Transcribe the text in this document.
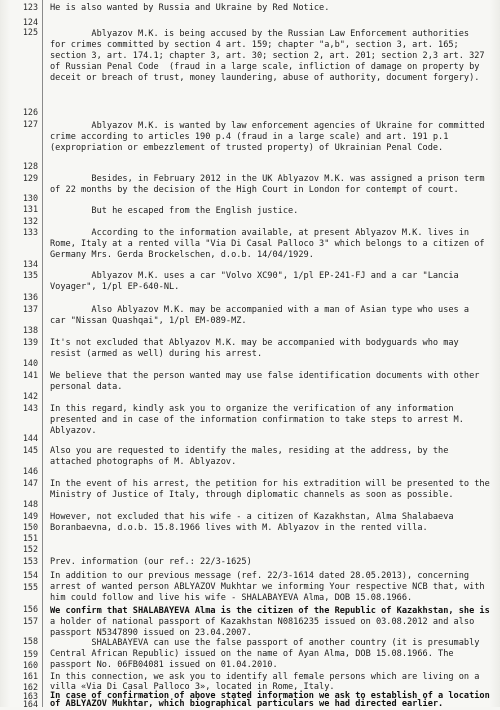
123
124
125
126
127
128
129
130
131
132
133
134
135
136
137
138
139
140
141
142
143
144
145
146
147
148
149
150
151
152
153
154
155
156
157
158
159
160
161
162
163
164
He is also wanted by Russia and Ukraine by Red Notice.
Ablyazov M.K. is being accused by the Russian Law Enforcement authorities
for crimes committed by section 4 art. 159; chapter "a,b", section 3, art. 165;
section 3, art. 174.1; chapter 3, art. 30; section 2, art. 201; section 2,3 art. 327
of Russian Penal Code  (fraud in a large scale, infliction of damage on property by
deceit or breach of trust, money laundering, abuse of authority, document forgery).
Ablyazov M.K. is wanted by law enforcement agencies of Ukraine for committed
crime according to articles 190 p.4 (fraud in a large scale) and art. 191 p.1
(expropriation or embezzlement of trusted property) of Ukrainian Penal Code.
Besides, in February 2012 in the UK Ablyazov M.K. was assigned a prison term
of 22 months by the decision of the High Court in London for contempt of court.
But he escaped from the English justice.
According to the information available, at present Ablyazov M.K. lives in
Rome, Italy at a rented villa "Via Di Casal Palloco 3" which belongs to a citizen of
Germany Mrs. Gerda Brockelschen, d.o.b. 14/04/1929.
Ablyazov M.K. uses a car "Volvo XC90", 1/pl EP-241-FJ and a car "Lancia
Voyager", 1/pl EP-640-NL.
Also Ablyazov M.K. may be accompanied with a man of Asian type who uses a
car "Nissan Quashqai", 1/pl EM-089-MZ.
It's not excluded that Ablyazov M.K. may be accompanied with bodyguards who may
resist (armed as well) during his arrest.
We believe that the person wanted may use false identification documents with other
personal data.
In this regard, kindly ask you to organize the verification of any information
presented and in case of the information confirmation to take steps to arrest M.
Ablyazov.
Also you are requested to identify the males, residing at the address, by the
attached photographs of M. Ablyazov.
In the event of his arrest, the petition for his extradition will be presented to the
Ministry of Justice of Italy, through diplomatic channels as soon as possible.
However, not excluded that his wife - a citizen of Kazakhstan, Alma Shalabaeva
Boranbaevna, d.o.b. 15.8.1966 lives with M. Ablyazov in the rented villa.
Prev. information (our ref.: 22/3-1625)
In addition to our previous message (ref. 22/3-1614 dated 28.05.2013), concerning
arrest of wanted person ABLYAZOV Mukhtar we informing Your respective NCB that, with
him could follow and live his wife - SHALABAYEVA Alma, DOB 15.08.1966.
We confirm that SHALABAYEVA Alma is the citizen of the Republic of Kazakhstan, she is
a holder of national passport of Kazakhstan N0816235 issued on 03.08.2012 and also
passport N5347890 issued on 23.04.2007.
SHALABAYEVA can use the false passport of another country (it is presumably
Central African Republic) issued on the name of Ayan Alma, DOB 15.08.1966. The
passport No. 06FB04081 issued on 01.04.2010.
In this connection, we ask you to identify all female persons which are living on a
villa «Via Di Casal Palloco 3», located in Rome, Italy.
In case of confirmation of above stated information we ask to establish of a location
of ABLYAZOV Mukhtar, which biographical particulars we had directed earlier.
